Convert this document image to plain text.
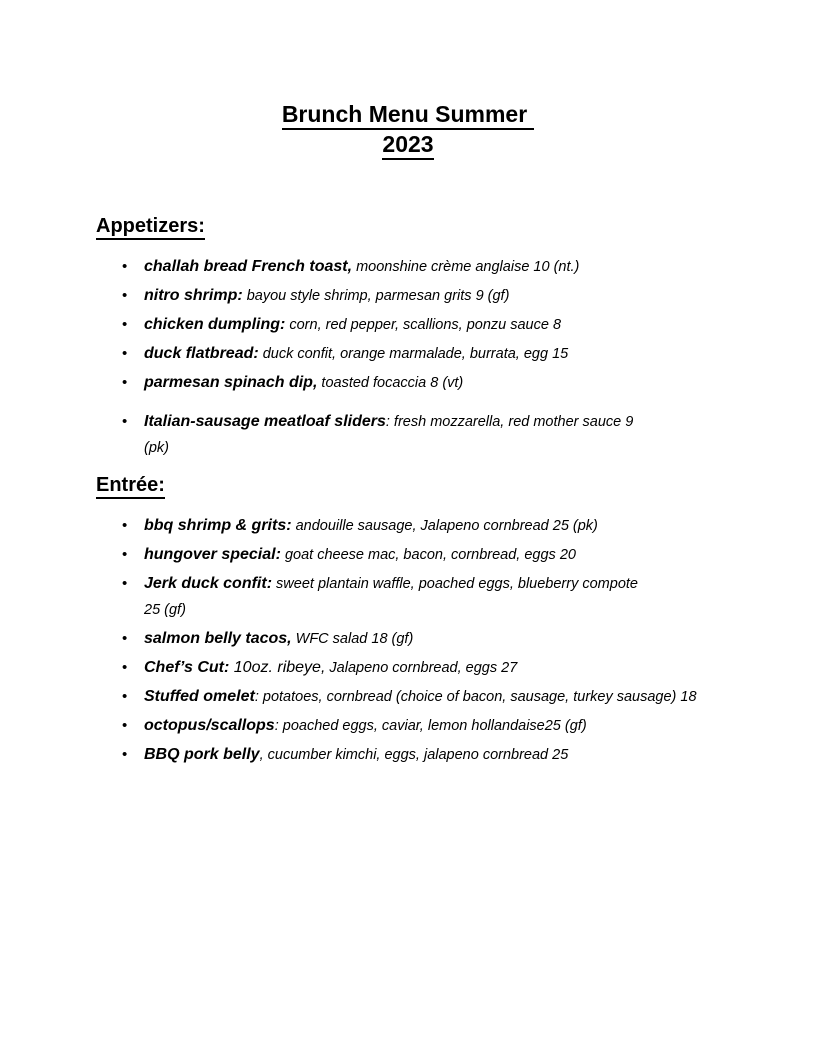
Brunch Menu Summer
2023
Appetizers:
•	challah bread French toast, moonshine crème anglaise 10 (nt.)

•	nitro shrimp: bayou style shrimp, parmesan grits 9 (gf)

•	chicken dumpling: corn, red pepper, scallions, ponzu sauce 8

•	duck flatbread: duck confit, orange marmalade, burrata, egg 15

•	parmesan spinach dip, toasted focaccia 8 (vt)

•	Italian-sausage meatloaf sliders: fresh mozzarella, red mother sauce 9 (pk)

Entrée:
•	bbq shrimp & grits: andouille sausage, Jalapeno cornbread 25 (pk)

•	hungover special: goat cheese mac, bacon, cornbread, eggs 20

•	Jerk duck confit: sweet plantain waffle, poached eggs, blueberry compote 25 (gf)

•	salmon belly tacos, WFC salad 18 (gf)

•	Chef’s Cut: 10oz. ribeye, Jalapeno cornbread, eggs 27

•	Stuffed omelet: potatoes, cornbread (choice of bacon, sausage, turkey sausage) 18

•	octopus/scallops: poached eggs, caviar, lemon hollandaise25 (gf)

•	BBQ pork belly, cucumber kimchi, eggs, jalapeno cornbread 25
